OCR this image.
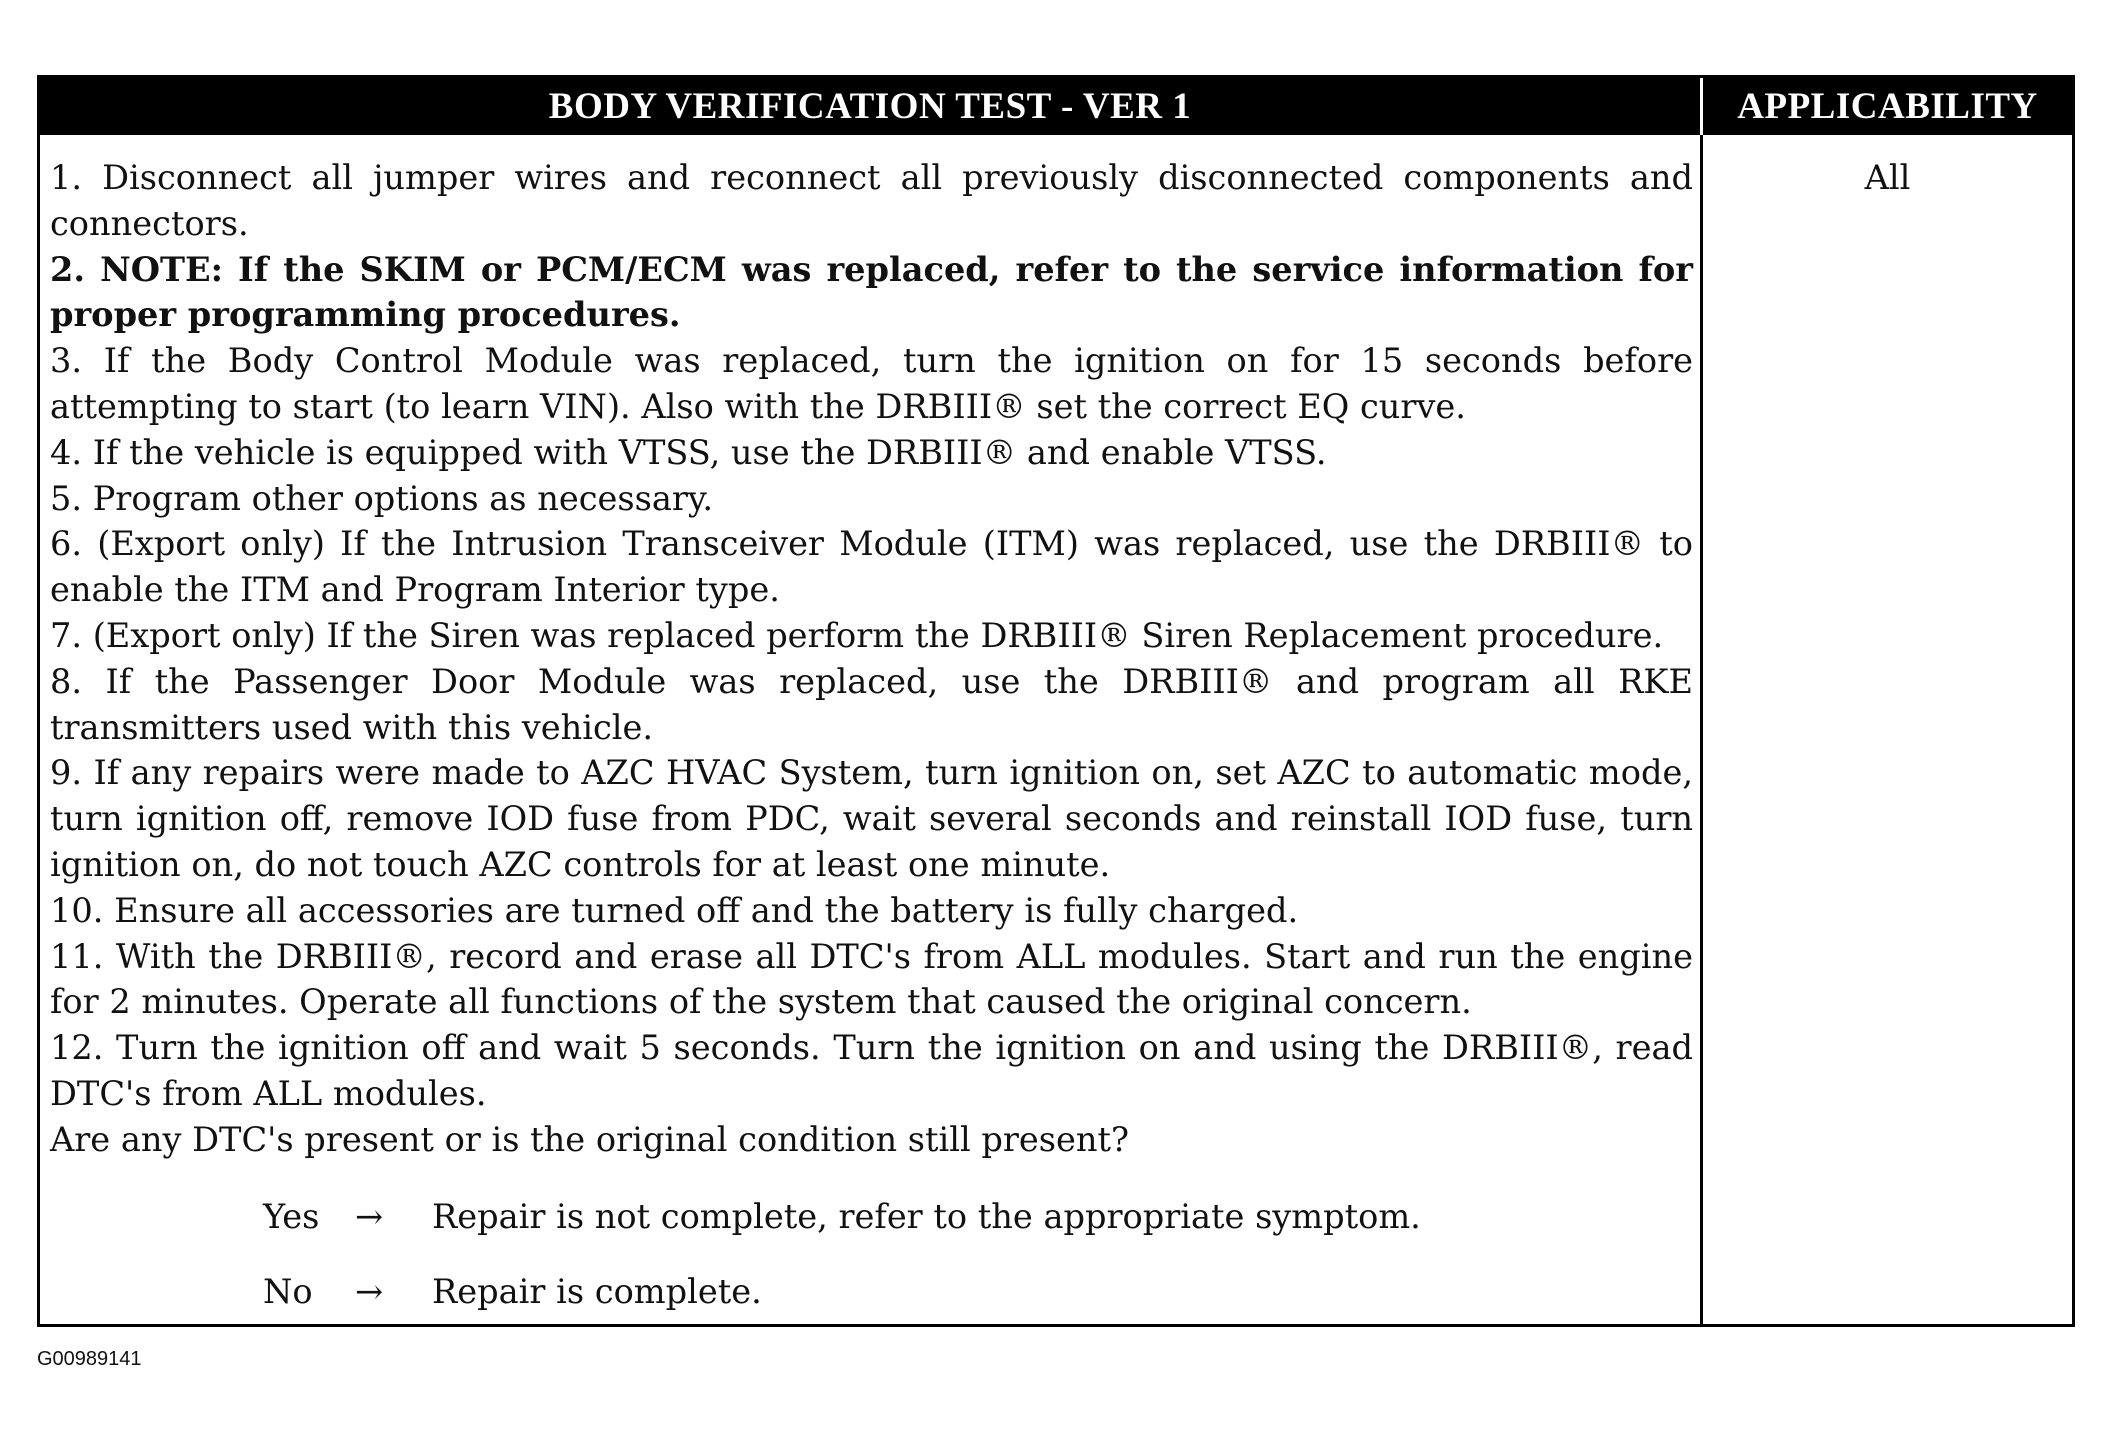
BODY VERIFICATION TEST - VER 1	APPLICABILITY

1. Disconnect all jumper wires and reconnect all previously disconnected components and connectors.

2. NOTE: If the SKIM or PCM/ECM was replaced, refer to the service information for proper programming procedures.

3. If the Body Control Module was replaced, turn the ignition on for 15 seconds before attempting to start (to learn VIN). Also with the DRBIII® set the correct EQ curve.

4. If the vehicle is equipped with VTSS, use the DRBIII® and enable VTSS.

5. Program other options as necessary.

6. (Export only) If the Intrusion Transceiver Module (ITM) was replaced, use the DRBIII® to enable the ITM and Program Interior type.

7. (Export only) If the Siren was replaced perform the DRBIII® Siren Replacement procedure.

8. If the Passenger Door Module was replaced, use the DRBIII® and program all RKE transmitters used with this vehicle.

9. If any repairs were made to AZC HVAC System, turn ignition on, set AZC to automatic mode, turn ignition off, remove IOD fuse from PDC, wait several seconds and reinstall IOD fuse, turn ignition on, do not touch AZC controls for at least one minute.

10. Ensure all accessories are turned off and the battery is fully charged.

11. With the DRBIII®, record and erase all DTC's from ALL modules. Start and run the engine for 2 minutes. Operate all functions of the system that caused the original concern.

12. Turn the ignition off and wait 5 seconds. Turn the ignition on and using the DRBIII®, read DTC's from ALL modules.

Are any DTC's present or is the original condition still present?

Yes → Repair is not complete, refer to the appropriate symptom.
No → Repair is complete.
All
G00989141
